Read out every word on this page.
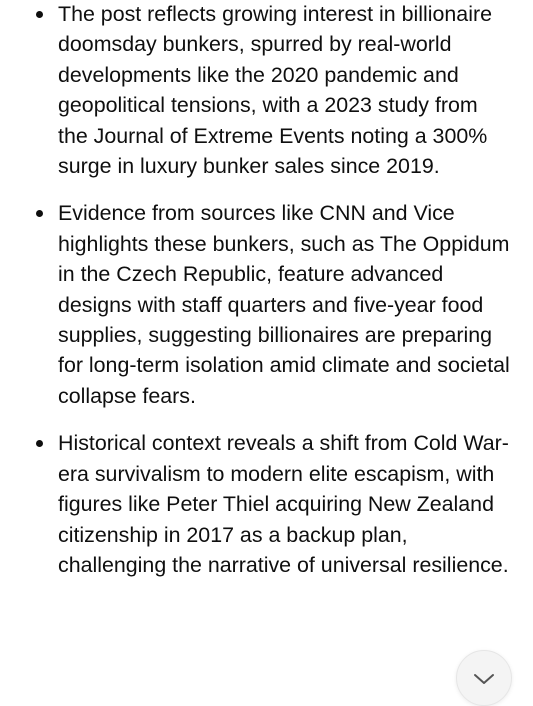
The post reflects growing interest in billionaire doomsday bunkers, spurred by real-world developments like the 2020 pandemic and geopolitical tensions, with a 2023 study from the Journal of Extreme Events noting a 300% surge in luxury bunker sales since 2019.
Evidence from sources like CNN and Vice highlights these bunkers, such as The Oppidum in the Czech Republic, feature advanced designs with staff quarters and five-year food supplies, suggesting billionaires are preparing for long-term isolation amid climate and societal collapse fears.
Historical context reveals a shift from Cold War-era survivalism to modern elite escapism, with figures like Peter Thiel acquiring New Zealand citizenship in 2017 as a backup plan, challenging the narrative of universal resilience.
